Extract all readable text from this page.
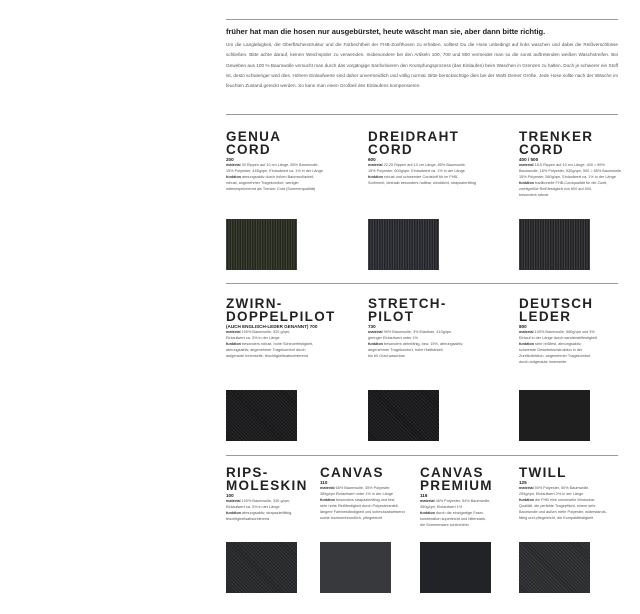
früher hat man die hosen nur ausgebürstet, heute wäscht man sie, aber dann bitte richtig.
Um die Langlebigkeit, die Oberflächenstruktur und die Farbechtheit der FHB-Zunfthosen zu erhalten, solltest Du die Hose unbedingt auf links waschen und dabei die Reißverschlüsse schließen. Bitte achte darauf, keinen Weichspüler zu verwenden. Insbesondere bei den Artikeln 100, 700 und 800 vermeidet man so die sonst auftretenden weißen Waschstreifen. Bei Geweben aus 100 % Baumwolle versucht man durch das vorgängige Sanforisieren den Krumpfungsprozess (das Einlaufen) beim Waschen in Grenzen zu halten. Doch je schwerer ein Stoff ist, desto schwieriger wird dies. Höhere Einlaufwerte sind daher unvermeidlich und völlig normal. Bitte berücksichtige dies bei der Wahl Deiner Größe. Jede Hose sollte nach der Wäsche im feuchten Zustand gereckt werden. So kann man einen Großteil des Einlaufens kompensieren.
GENUA
CORD
200
material 30 Rippen auf 10 cm Länge, 85% Baumwolle,
15% Polyester, 445g/qm, Einlaufwert ca. 1% in der Länge
funktion atmungsaktiv durch hohen Baumwollanteil,
robust, angenehmer Tragekomfort, weniger
wärmespeichernd als Trenker Cord (Sommerqualität)
DREIDRAHT
CORD
600
material 22,25 Rippen auf 10 cm Länge, 85% Baumwolle,
15% Polyester, 600g/qm, Einlaufwert ca. 1% in der Länge
funktion robust und schwerster Cordstoff für im FHB-
Sortiment, deshalb besonders haltbar, winddicht, strapazierfähig
TRENKER
CORD
400 / 500
material 18,5 Rippen auf 10 cm Länge, 400 = 85%
Baumwolle, 15% Polyester, 530g/qm, 500 = 85% Baumwolle,
15% Polyester, 580g/qm, Einlaufwert ca. 1% in der Länge
funktion traditionelle FHB-Cordqualität für die Zunft,
zweitgrößte Reißfestigkeit von 600 auf 500,
besonders robust
ZWIRN-
DOPPELPILOT
(AUCH ENGLISCH-LEDER GENANNT) 700
material 100% Baumwolle, 520 g/qm,
Einlaufwert ca. 3% in der Länge
funktion besonders robust, hohe Scheuerfestigkeit,
atmungsaktiv, angenehmer Tragekomfort durch
aufgeraute Innenseite, feuchtigkeitsabsorbierend
STRETCH-
PILOT
730
material 99% Baumwolle, 3% Elasthan, 410g/qm,
geringer Einlaufwert unter 1%
funktion besonders dehnfähig, bzw. 15%, atmungsaktiv,
angenehmer Tragekomfort, hohe Haltbarkeit,
bis 60 Grad waschbar
DEUTSCH
LEDER
800
material 100% Baumwolle, 680g/qm und 3%
Einlauf in der Länge durch sandstrahlfestigkeit
funktion sehr reißfest, atmungsaktiv,
schwerste Gewebekonstruktion in der
Zunftkollektion, angenehmer Tragekomfort
durch aufgeraute Innenseite
RIPS-
MOLESKIN
100
material 100% Baumwolle, 330 g/qm,
Einlaufwert ca. 3% in der Länge
funktion atmungsaktiv, strapazierfähig,
feuchtigkeitsabsorbierend
CANVAS
110
material 65% Baumwolle, 35% Polyester,
365g/qm Einlaufwert unter 1% in der Länge
funktion besonders strapazierfähig und fest,
sehr hohe Reißfestigkeit durch Polyesteranteil,
längere Farbbeständigkeit und schmutzabweisend
sowie trocknerfreundlich, pflegeleicht
CANVAS
PREMIUM
116
material 46% Polyester, 54% Baumwolle,
350g/qm, Einlaufwert 1%
funktion durch die einzigartige Faser-
kombination superleicht und bitterstark,
die Sommerware schlechthin
TWILL
125
material 50% Polyester, 50% Baumwolle,
255g/qm, Einlaufwert 2% in der Länge
funktion die FHB eine universelle Workwear-
Qualität, die perfekte Tragepflicht, einem sehr
Baumwolle und außen mehr Polyester, widerstands-
fähig und pflegeleicht, die Kompaktfestigkeit
